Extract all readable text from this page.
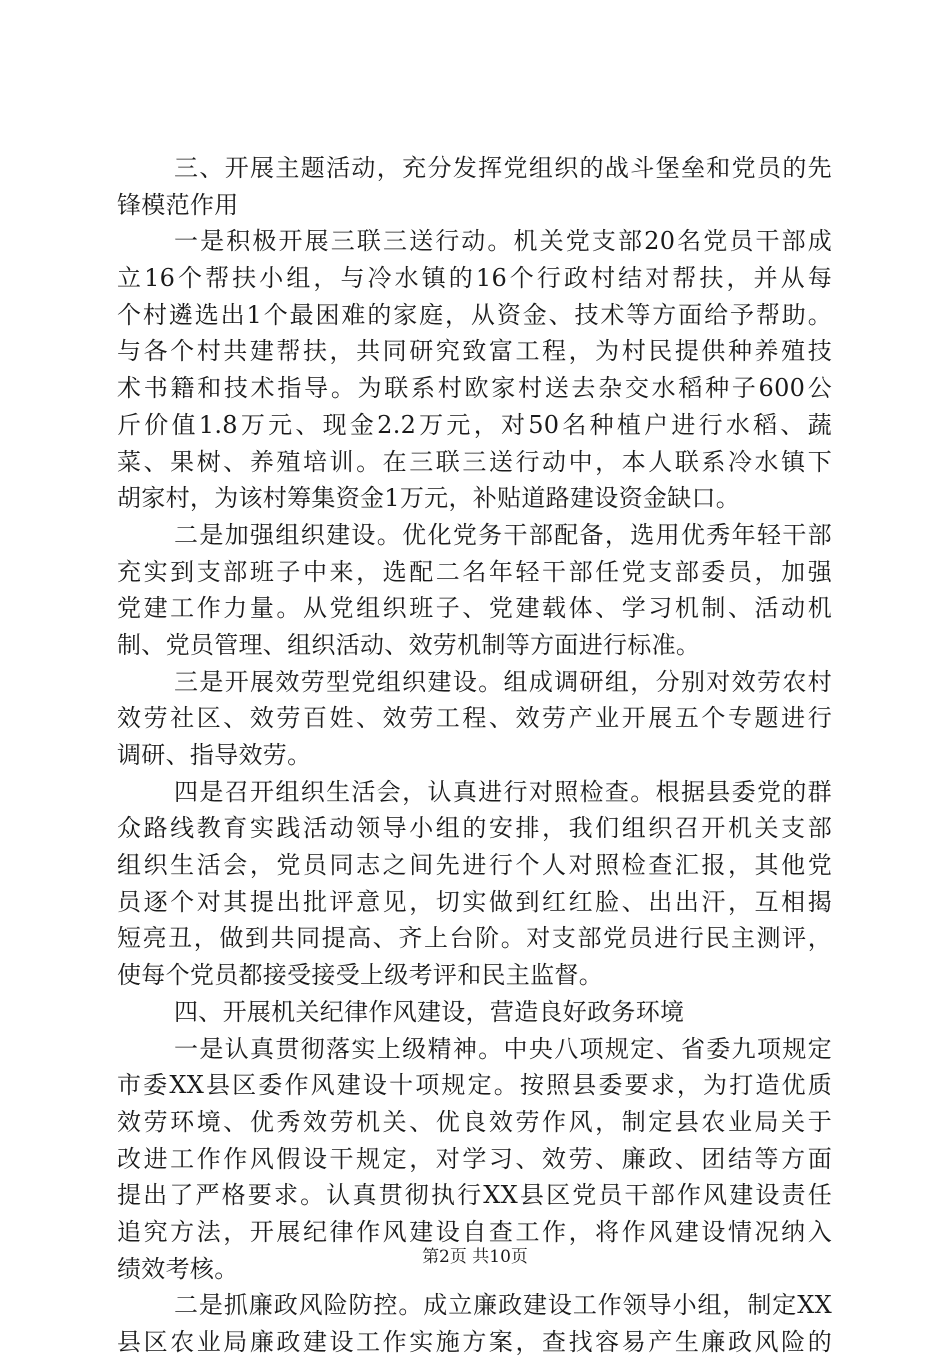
三、开展主题活动，充分发挥党组织的战斗堡垒和党员的先
锋模范作用
一是积极开展三联三送行动。机关党支部20名党员干部成
立16个帮扶小组，与冷水镇的16个行政村结对帮扶，并从每
个村遴选出1个最困难的家庭，从资金、技术等方面给予帮助。
与各个村共建帮扶，共同研究致富工程，为村民提供种养殖技
术书籍和技术指导。为联系村欧家村送去杂交水稻种子600公
斤价值1.8万元、现金2.2万元，对50名种植户进行水稻、蔬
菜、果树、养殖培训。在三联三送行动中，本人联系冷水镇下
胡家村，为该村筹集资金1万元，补贴道路建设资金缺口。
二是加强组织建设。优化党务干部配备，选用优秀年轻干部
充实到支部班子中来，选配二名年轻干部任党支部委员，加强
党建工作力量。从党组织班子、党建载体、学习机制、活动机
制、党员管理、组织活动、效劳机制等方面进行标准。
三是开展效劳型党组织建设。组成调研组，分别对效劳农村
效劳社区、效劳百姓、效劳工程、效劳产业开展五个专题进行
调研、指导效劳。
四是召开组织生活会，认真进行对照检查。根据县委党的群
众路线教育实践活动领导小组的安排，我们组织召开机关支部
组织生活会，党员同志之间先进行个人对照检查汇报，其他党
员逐个对其提出批评意见，切实做到红红脸、出出汗，互相揭
短亮丑，做到共同提高、齐上台阶。对支部党员进行民主测评，
使每个党员都接受接受上级考评和民主监督。
四、开展机关纪律作风建设，营造良好政务环境
一是认真贯彻落实上级精神。中央八项规定、省委九项规定
市委XX县区委作风建设十项规定。按照县委要求，为打造优质
效劳环境、优秀效劳机关、优良效劳作风，制定县农业局关于
改进工作作风假设干规定，对学习、效劳、廉政、团结等方面
提出了严格要求。认真贯彻执行XX县区党员干部作风建设责任
追究方法，开展纪律作风建设自查工作，将作风建设情况纳入
绩效考核。
二是抓廉政风险防控。成立廉政建设工作领导小组，制定XX
县区农业局廉政建设工作实施方案，查找容易产生廉政风险的
第2页 共10页
